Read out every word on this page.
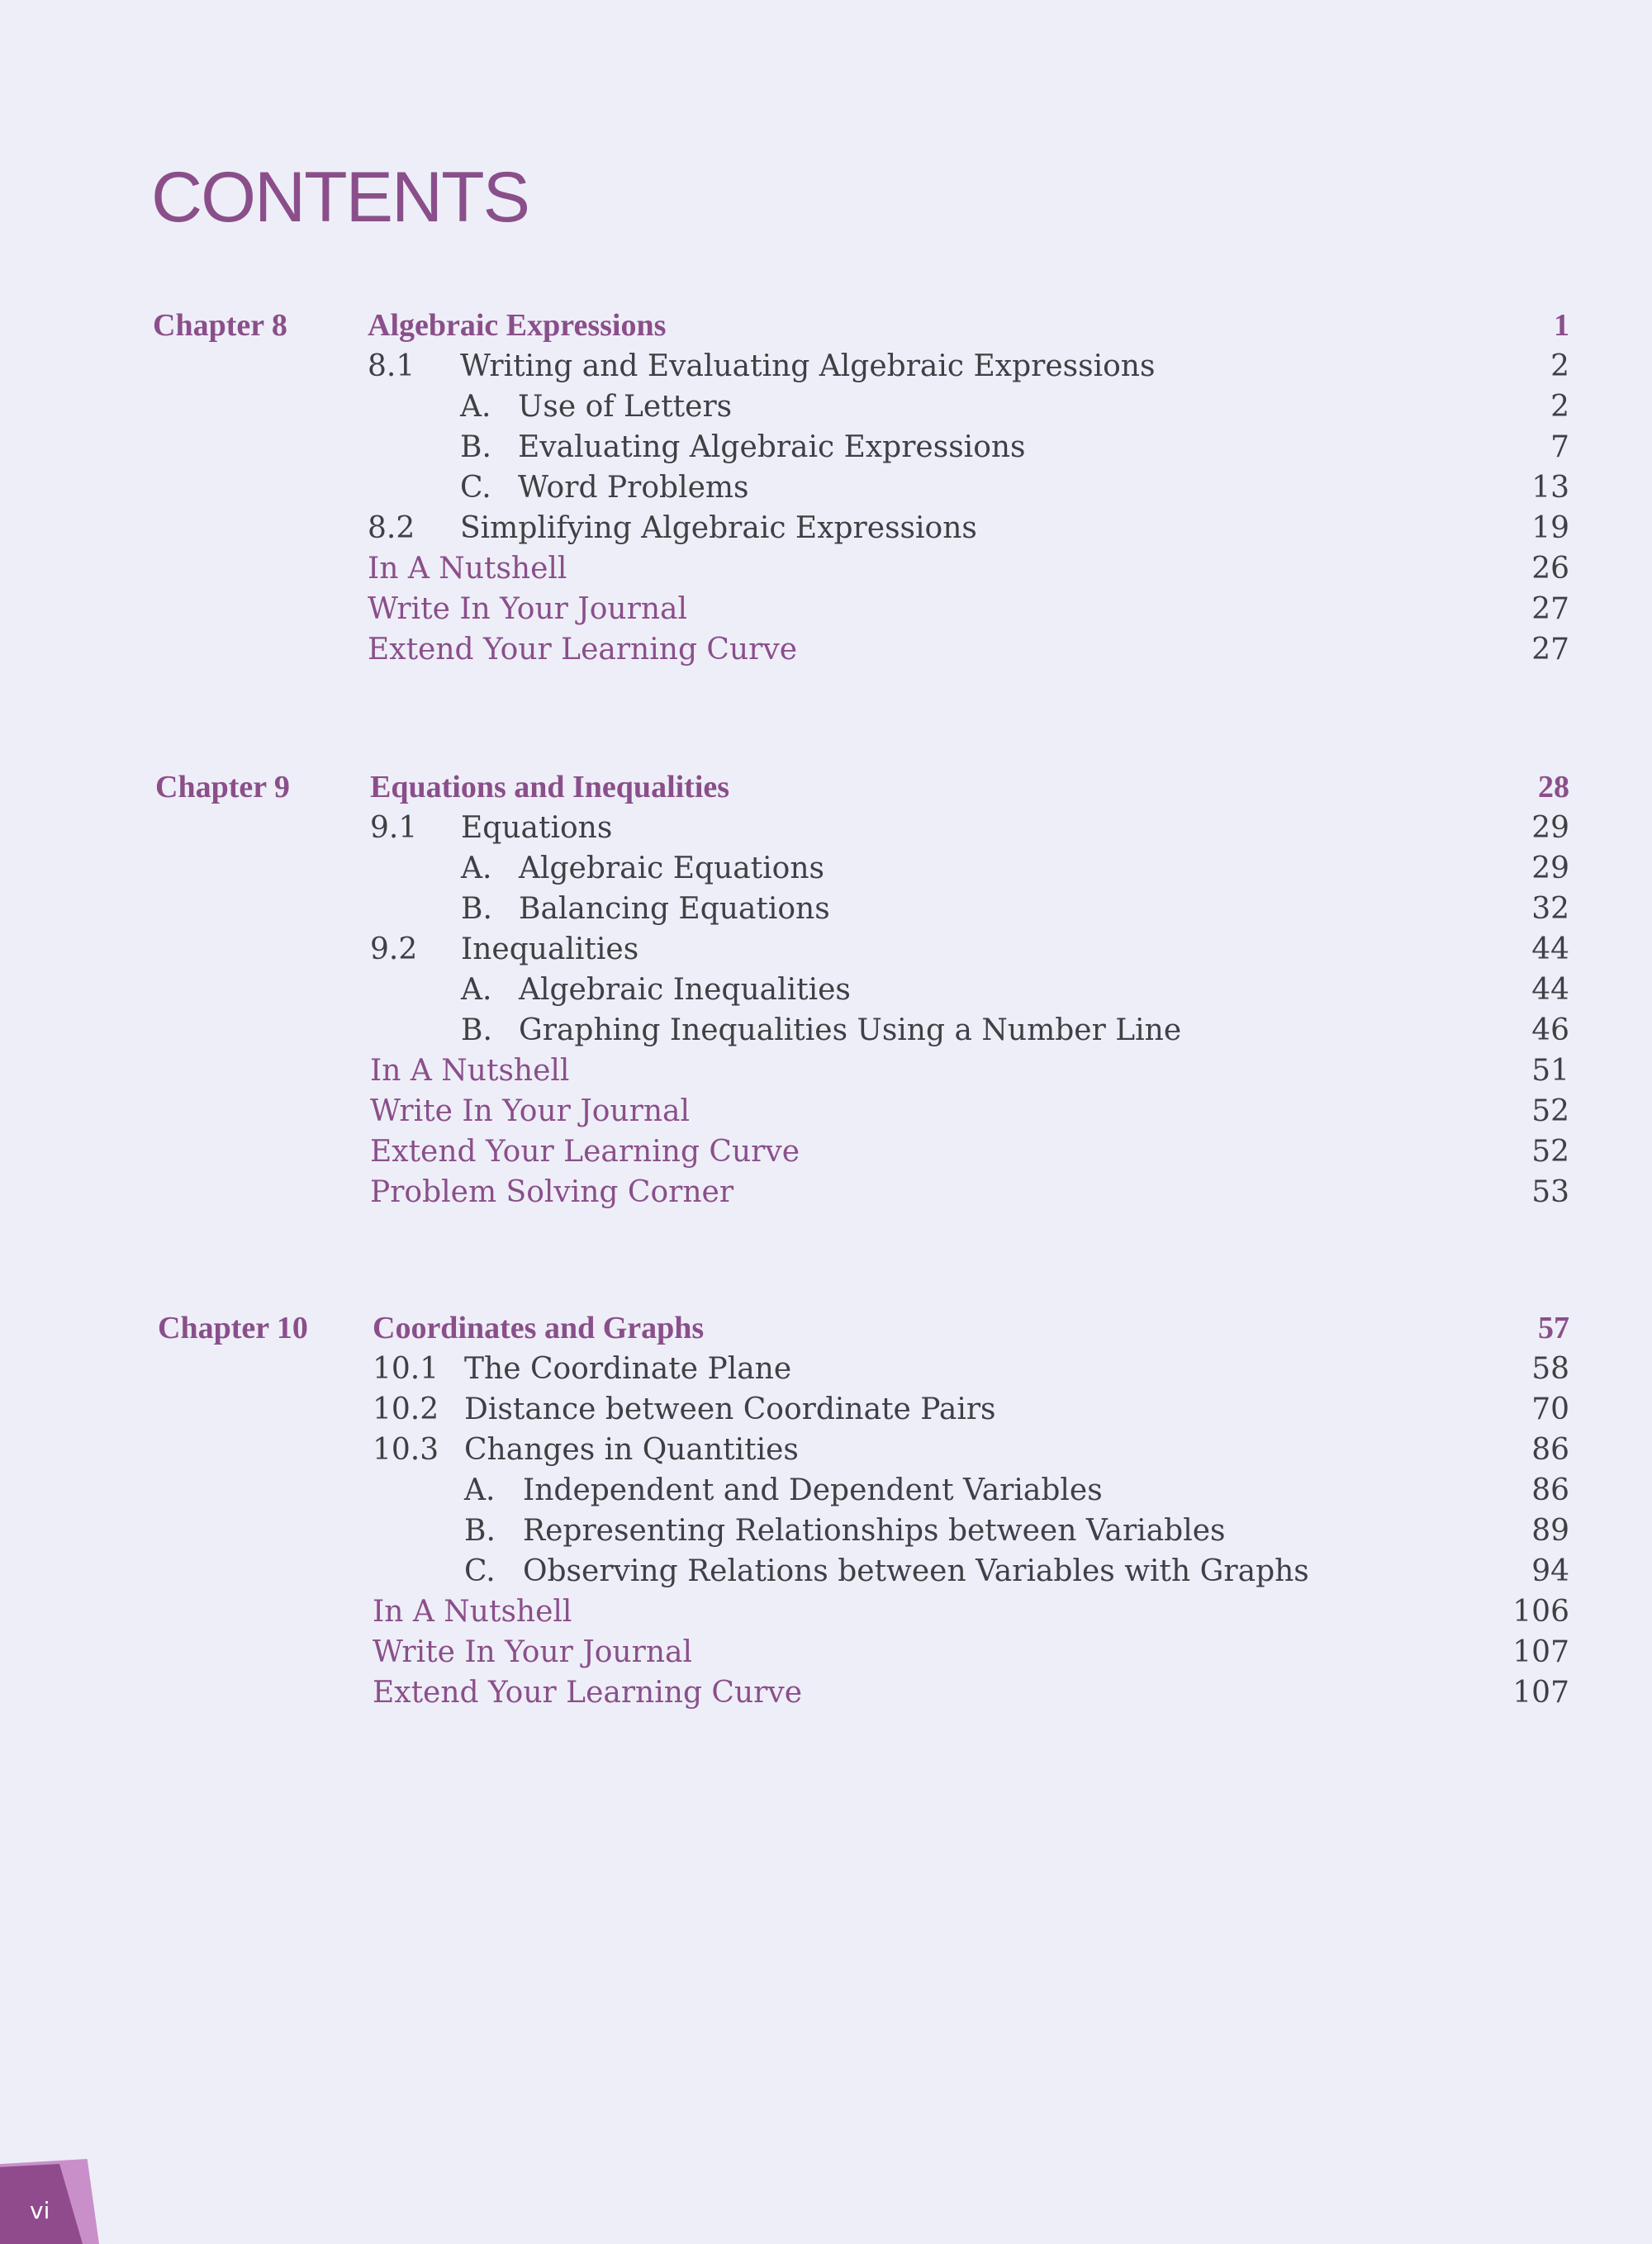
CONTENTS
Chapter 8	Algebraic Expressions	1
8.1 Writing and Evaluating Algebraic Expressions	2
A. Use of Letters	2
B. Evaluating Algebraic Expressions	7
C. Word Problems	13
8.2 Simplifying Algebraic Expressions	19
In A Nutshell	26
Write In Your Journal	27
Extend Your Learning Curve	27
Chapter 9	Equations and Inequalities	28
9.1 Equations	29
A. Algebraic Equations	29
B. Balancing Equations	32
9.2 Inequalities	44
A. Algebraic Inequalities	44
B. Graphing Inequalities Using a Number Line	46
In A Nutshell	51
Write In Your Journal	52
Extend Your Learning Curve	52
Problem Solving Corner	53
Chapter 10 Coordinates and Graphs	57
10.1 The Coordinate Plane	58
10.2 Distance between Coordinate Pairs	70
10.3 Changes in Quantities	86
A. Independent and Dependent Variables	86
B. Representing Relationships between Variables	89
C. Observing Relations between Variables with Graphs	94
In A Nutshell	106
Write In Your Journal	107
Extend Your Learning Curve	107
vi
